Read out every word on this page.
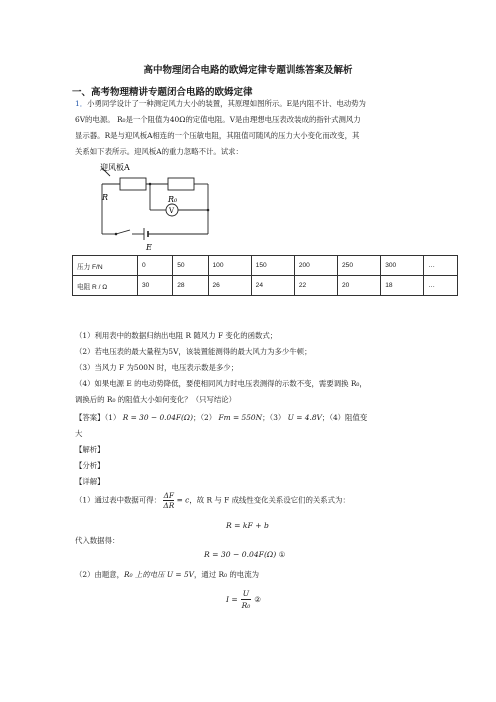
高中物理闭合电路的欧姆定律专题训练答案及解析
一、高考物理精讲专题闭合电路的欧姆定律
1．小勇同学设计了一种测定风力大小的装置，其原理如图所示。E是内阻不计、电动势为
6V的电源。 R₀是一个阻值为40Ω的定值电阻。V是由理想电压表改装成的指针式测风力
显示器。R是与迎风板A相连的一个压敏电阻，其阻值可随风的压力大小变化而改变，其
关系如下表所示。迎风板A的重力忽略不计。试求：
迎风板A
R	R₀
V
E
压力 F/N	0	50	100	150	200	250	300	…
电阻 R / Ω	30	28	26	24	22	20	18	…
（1）利用表中的数据归纳出电阻 R 随风力 F 变化的函数式；
（2）若电压表的最大量程为5V，该装置能测得的最大风力为多少牛顿；
（3）当风力 F 为500N 时，电压表示数是多少；
（4）如果电源 E 的电动势降低，要使相同风力时电压表测得的示数不变，需要调换 R₀，
调换后的 R₀ 的阻值大小如何变化？（只写结论）
【答案】（1） R = 30 − 0.04F(Ω)；（2） Fm = 550N；（3） U = 4.8V；（4）阻值变
大
【解析】
【分析】
【详解】
（1）通过表中数据可得： $\frac{\Delta F}{\Delta R} = c$，故 R 与 F 成线性变化关系设它们的关系式为：
R = kF + b
代入数据得：
R = 30 − 0.04F(Ω) ①
（2）由题意，R₀ 上的电压 U = 5V，通过 R₀ 的电流为
$I = \frac{U}{\text{R₀}}$ ②
